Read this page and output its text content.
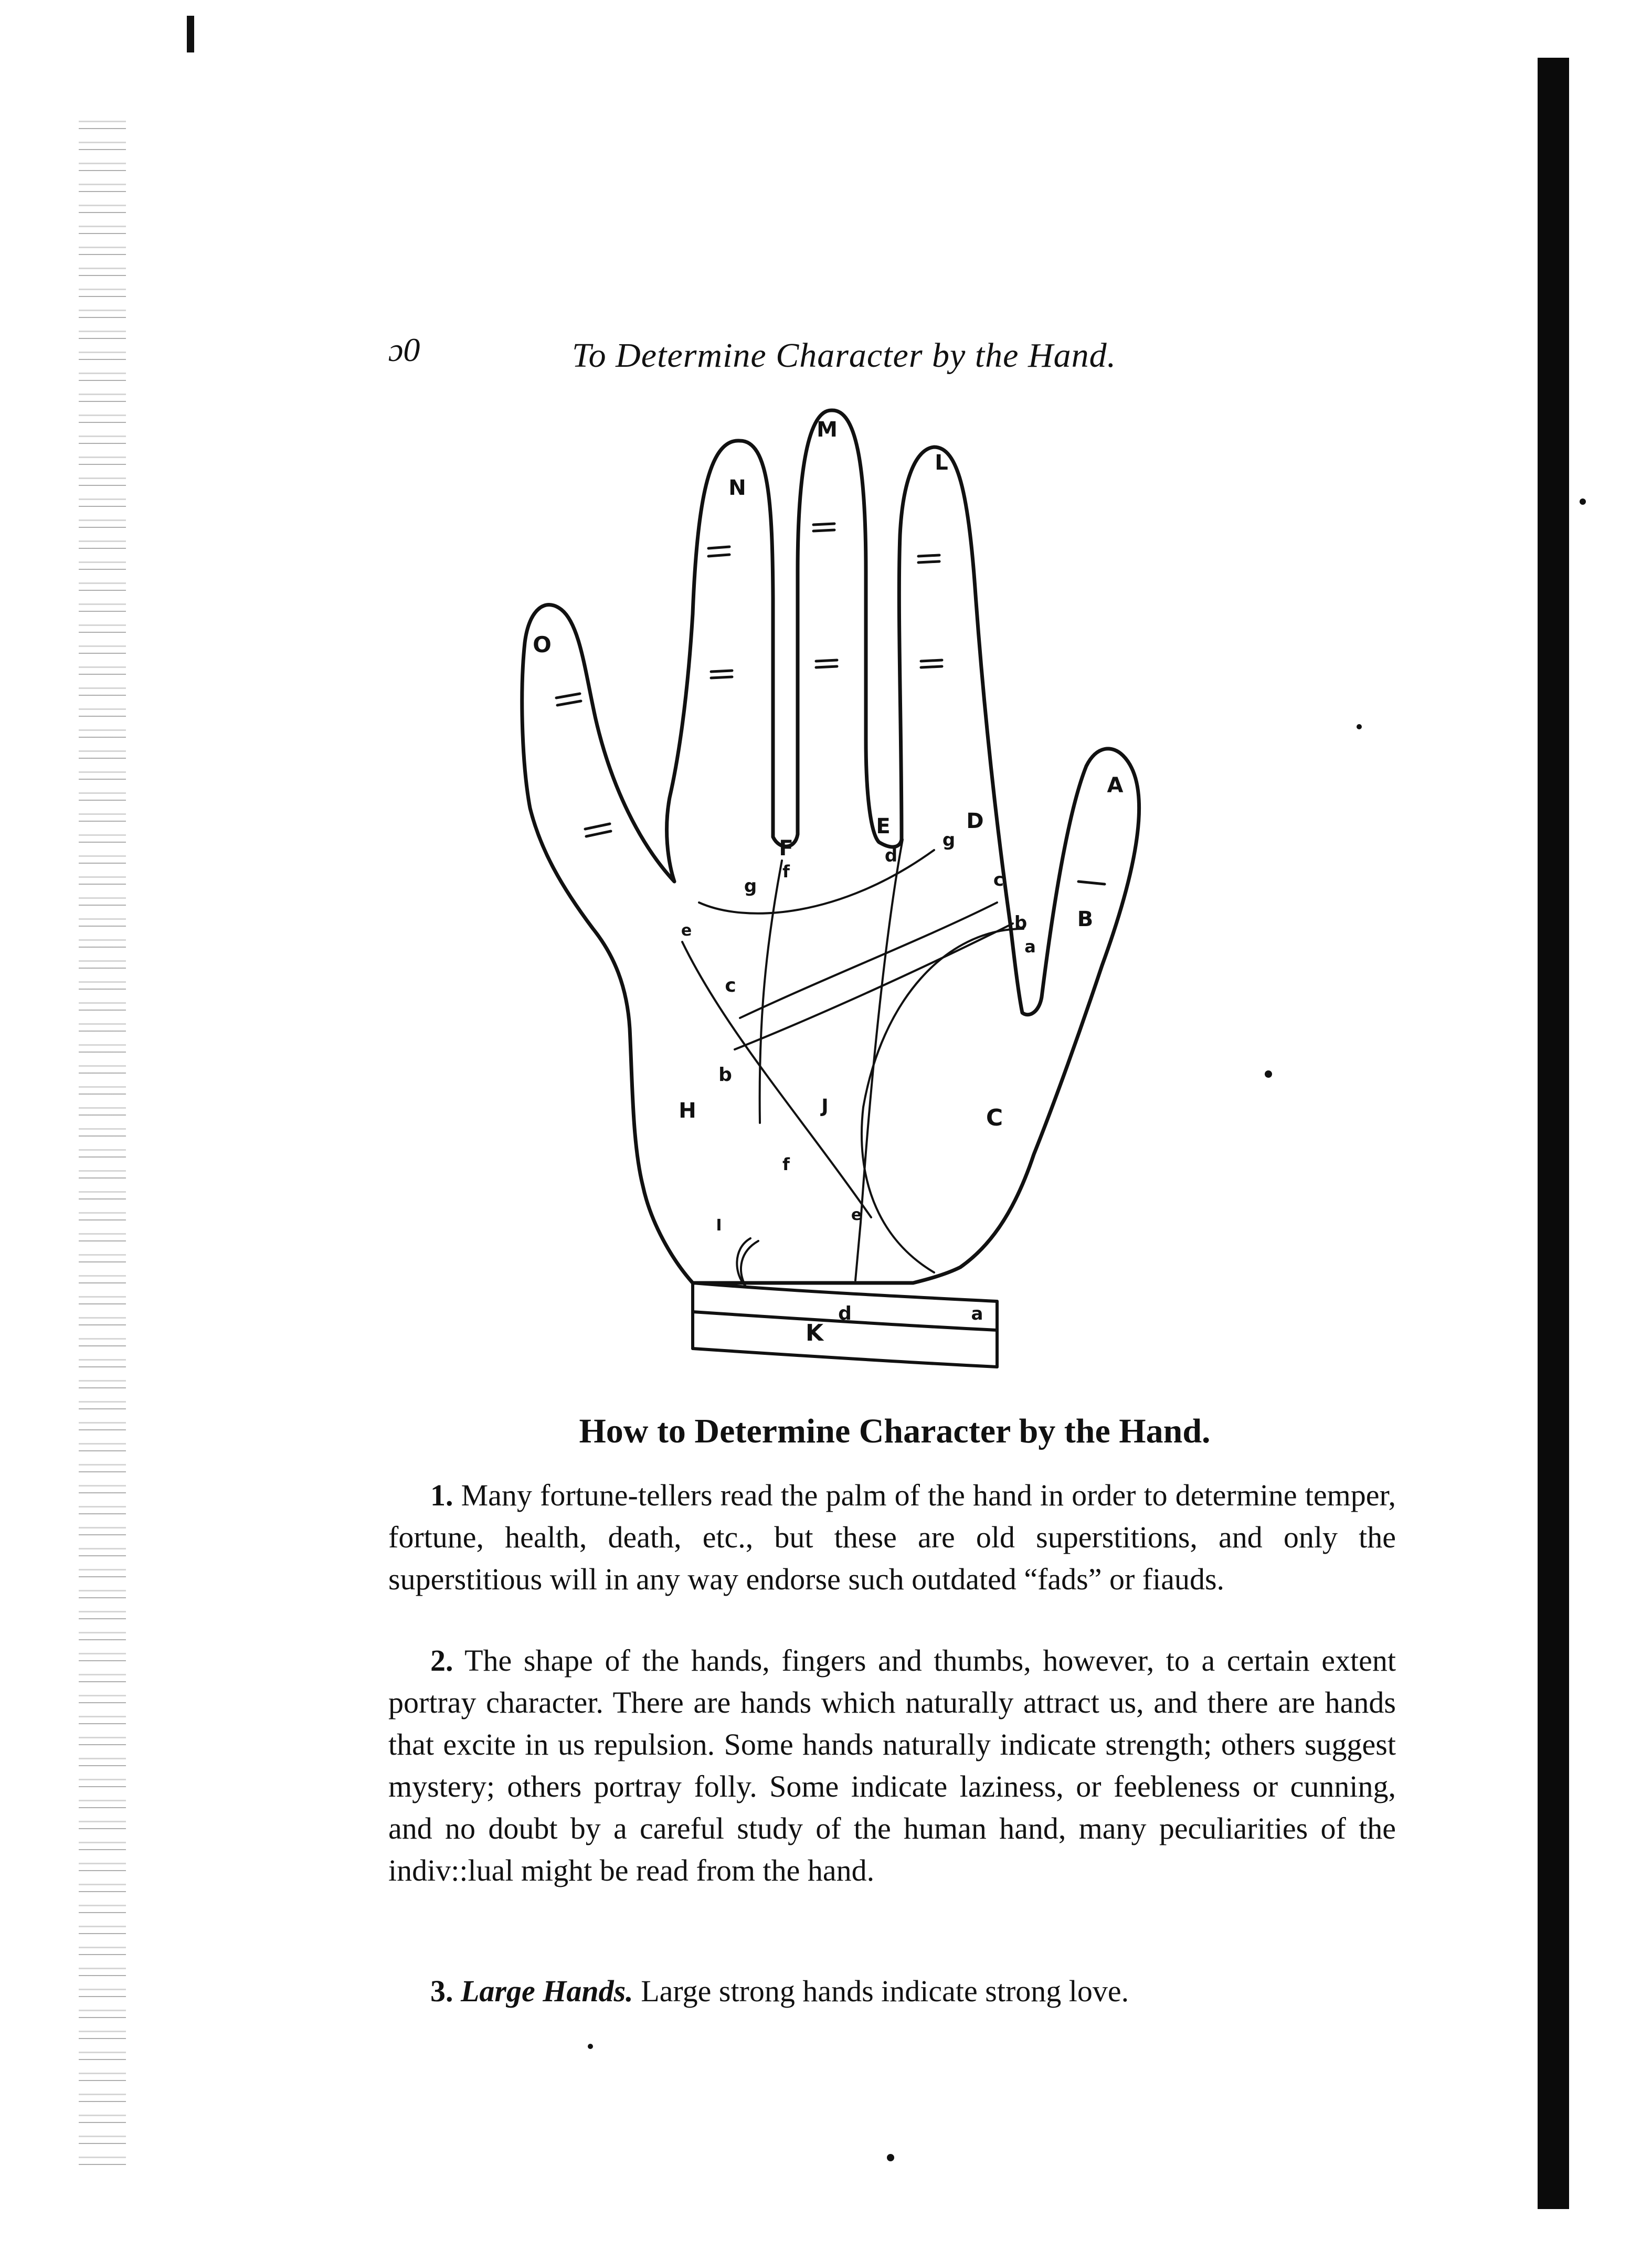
ɔ0	To Determine Character by the Hand.
A
B
C
D
E
F
H
I
J
K
L
M
N
O
a
a
b
b
c
c
d
d
e
e
f
f
g
g
How to Determine Character by the Hand.
1. Many fortune-tellers read the palm of the hand in order to determine temper, fortune, health, death, etc., but these are old superstitions, and only the superstitious will in any way endorse such outdated “fads” or fiauds.
2. The shape of the hands, fingers and thumbs, however, to a certain extent portray character. There are hands which naturally attract us, and there are hands that excite in us repulsion. Some hands naturally indicate strength; others suggest mystery; others portray folly. Some indicate laziness, or feebleness or cunning, and no doubt by a careful study of the human hand, many peculiarities of the indiv::lual might be read from the hand.
3. Large Hands. Large strong hands indicate strong love.
